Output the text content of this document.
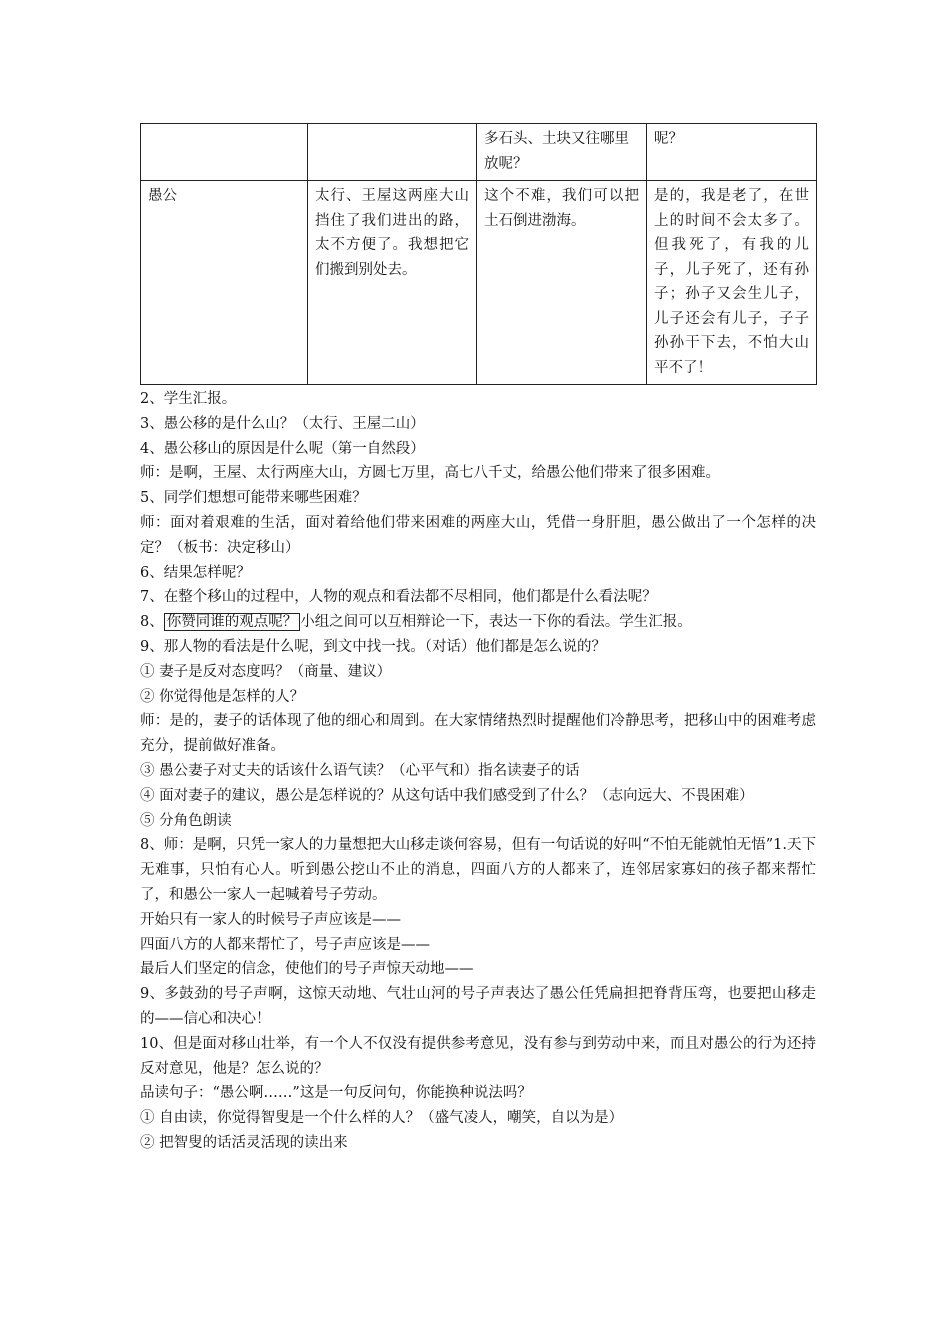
		多石头、土块又往哪里放呢？	呢？
愚公	太行、王屋这两座大山挡住了我们进出的路，太不方便了。我想把它们搬到别处去。	这个不难，我们可以把土石倒进渤海。	是的，我是老了，在世上的时间不会太多了。但我死了，有我的儿子，儿子死了，还有孙子；孙子又会生儿子，儿子还会有儿子，子子孙孙干下去，不怕大山平不了！

2、学生汇报。

3、愚公移的是什么山？（太行、王屋二山）

4、愚公移山的原因是什么呢（第一自然段）

师：是啊，王屋、太行两座大山，方圆七万里，高七八千丈，给愚公他们带来了很多困难。

5、同学们想想可能带来哪些困难？

师：面对着艰难的生活，面对着给他们带来困难的两座大山，凭借一身肝胆，愚公做出了一个怎样的决定？（板书：决定移山）

6、结果怎样呢？

7、在整个移山的过程中，人物的观点和看法都不尽相同，他们都是什么看法呢？

8、 你赞同谁的观点呢？ 小组之间可以互相辩论一下，表达一下你的看法。学生汇报。

9、那人物的看法是什么呢，到文中找一找。（对话）他们都是怎么说的？

① 妻子是反对态度吗？（商量、建议）

② 你觉得他是怎样的人？

师：是的，妻子的话体现了他的细心和周到。在大家情绪热烈时提醒他们冷静思考，把移山中的困难考虑充分，提前做好准备。

③ 愚公妻子对丈夫的话该什么语气读？（心平气和）指名读妻子的话

④ 面对妻子的建议，愚公是怎样说的？从这句话中我们感受到了什么？（志向远大、不畏困难）

⑤ 分角色朗读

8、师：是啊，只凭一家人的力量想把大山移走谈何容易，但有一句话说的好叫“不怕无能就怕无悟”1.天下无难事，只怕有心人。听到愚公挖山不止的消息，四面八方的人都来了，连邻居家寡妇的孩子都来帮忙了，和愚公一家人一起喊着号子劳动。

开始只有一家人的时候号子声应该是——

四面八方的人都来帮忙了，号子声应该是——

最后人们坚定的信念，使他们的号子声惊天动地——

9、多鼓劲的号子声啊，这惊天动地、气壮山河的号子声表达了愚公任凭扁担把脊背压弯，也要把山移走的——信心和决心！

10、但是面对移山壮举，有一个人不仅没有提供参考意见，没有参与到劳动中来，而且对愚公的行为还持反对意见，他是？怎么说的？

品读句子：“愚公啊……”这是一句反问句，你能换种说法吗？

① 自由读，你觉得智叟是一个什么样的人？（盛气凌人，嘲笑，自以为是）

② 把智叟的话活灵活现的读出来
